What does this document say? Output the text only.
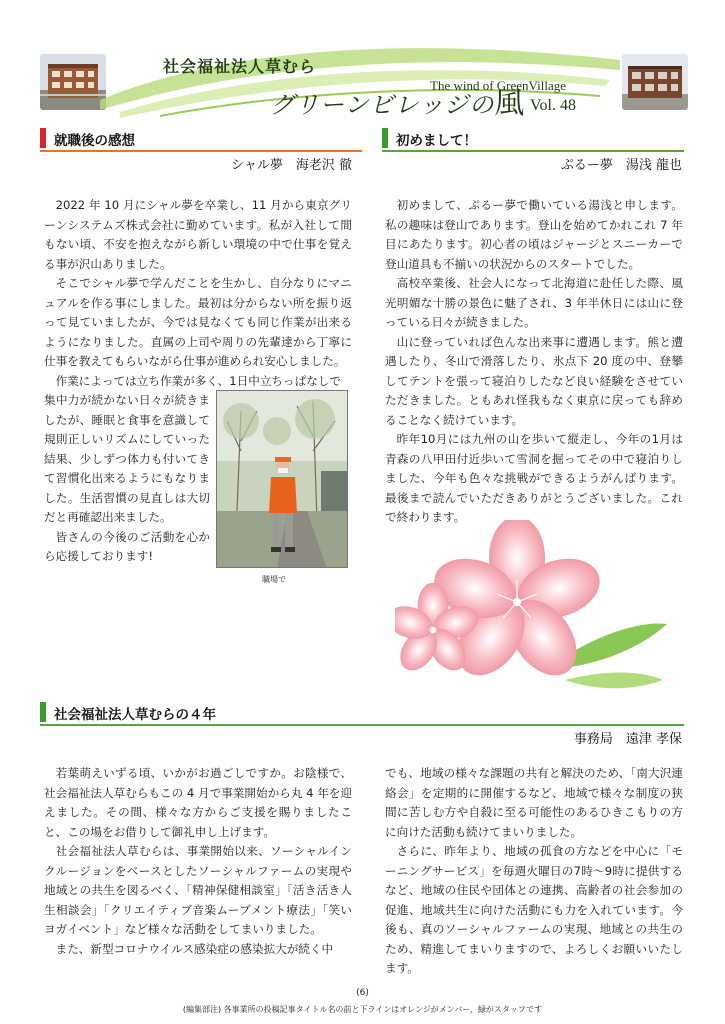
社会福祉法人草むら
グリーンビレッジの風
The wind of GreenVillage
Vol. 48
就職後の感想
シャル夢　海老沢 徹

2022 年 10 月にシャル夢を卒業し、11 月から東京グリーンシステムズ株式会社に勤めています。私が入社して間もない頃、不安を抱えながら新しい環境の中で仕事を覚える事が沢山ありました。

そこでシャル夢で学んだことを生かし、自分なりにマニュアルを作る事にしました。最初は分からない所を振り返って見ていましたが、今では見なくても同じ作業が出来るようになりました。直属の上司や周りの先輩達から丁寧に仕事を教えてもらいながら仕事が進められ安心しました。

作業によっては立ち作業が多く、1日中立ちっぱなしで

集中力が続かない日々が続きましたが、睡眠と食事を意識して規則正しいリズムにしていった結果、少しずつ体力も付いてきて習慣化出来るようにもなりました。生活習慣の見直しは大切だと再確認出来ました。

皆さんの今後のご活動を心から応援しております!

職場で
初めまして！
ぷるー夢　湯浅 龍也

初めまして、ぷるー夢で働いている湯浅と申します。私の趣味は登山であります。登山を始めてかれこれ 7 年目にあたります。初心者の頃はジャージとスニーカーで登山道具も不揃いの状況からのスタートでした。

高校卒業後、社会人になって北海道に赴任した際、風光明媚な十勝の景色に魅了され、3 年半休日には山に登っている日々が続きました。

山に登っていれば色んな出来事に遭遇します。熊と遭遇したり、冬山で滑落したり、氷点下 20 度の中、登攀してテントを張って寝泊りしたなど良い経験をさせていただきました。ともあれ怪我もなく東京に戻っても辞めることなく続けています。

昨年10月には九州の山を歩いて縦走し、今年の1月は青森の八甲田付近歩いて雪洞を掘ってその中で寝泊りしました、今年も色々な挑戦ができるようがんばります。最後まで読んでいただきありがとうございました。これで終わります。

社会福祉法人草むらの４年
事務局　遠津 孝保

若葉萌えいずる頃、いかがお過ごしですか。お陰様で、社会福祉法人草むらもこの 4 月で事業開始から丸 4 年を迎えました。その間、様々な方からご支援を賜りましたこと、この場をお借りして御礼申し上げます。

社会福祉法人草むらは、事業開始以来、ソーシャルインクルージョンをベースとしたソーシャルファームの実現や地域との共生を図るべく、「精神保健相談室」「活き活き人生相談会」「クリエイティブ音楽ムーブメント療法」「笑いヨガイベント」など様々な活動をしてまいりました。

また、新型コロナウイルス感染症の感染拡大が続く中

でも、地域の様々な課題の共有と解決のため、「南大沢連絡会」を定期的に開催するなど、地域で様々な制度の狭間に苦しむ方や自殺に至る可能性のあるひきこもりの方に向けた活動も続けてまいりました。

さらに、昨年より、地域の孤食の方などを中心に「モーニングサービス」を毎週火曜日の7時〜9時に提供するなど、地域の住民や団体との連携、高齢者の社会参加の促進、地域共生に向けた活動にも力を入れています。今後も、真のソーシャルファームの実現、地域との共生のため、精進してまいりますので、よろしくお願いいたします。

(6)
(編集部注) 各事業所の投稿記事タイトル名の前と下ラインはオレンジがメンバー、緑がスタッフです
